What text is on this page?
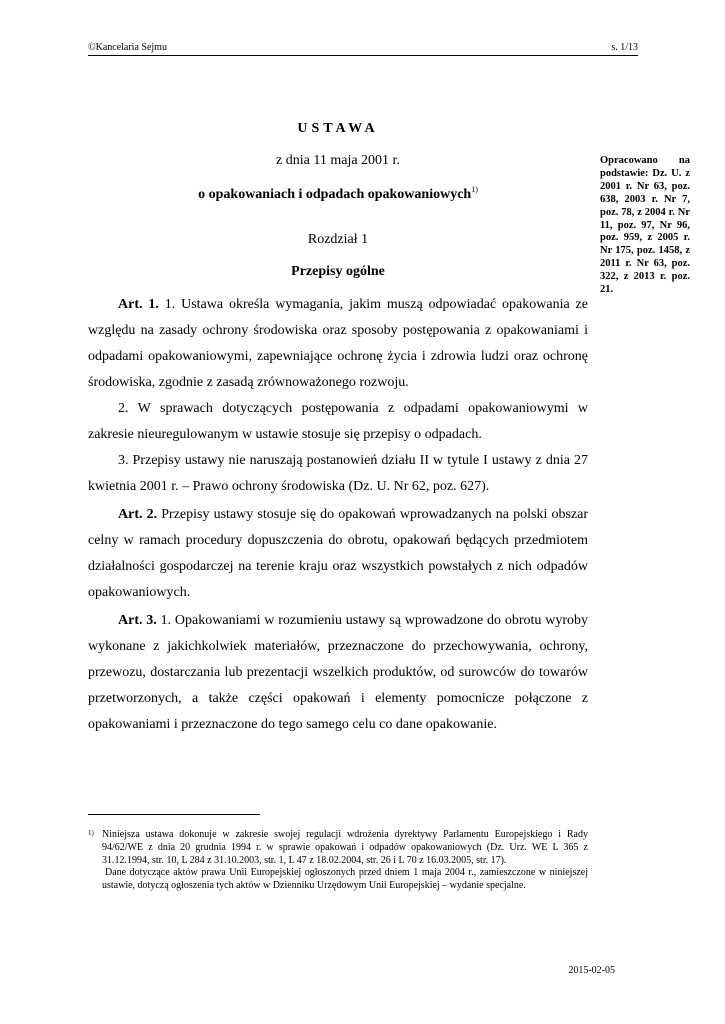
©Kancelaria Sejmu	s. 1/13
USTAWA
z dnia 11 maja 2001 r.
o opakowaniach i odpadach opakowaniowych$^{1)}$
Rozdział 1
Przepisy ogólne
Opracowano na podstawie: Dz. U. z 2001 r. Nr 63, poz. 638, 2003 r. Nr 7, poz. 78, z 2004 r. Nr 11, poz. 97, Nr 96, poz. 959, z 2005 r. Nr 175, poz. 1458, z 2011 r. Nr 63, poz. 322, z 2013 r. poz. 21.

Art. 1. 1. Ustawa określa wymagania, jakim muszą odpowiadać opakowania ze względu na zasady ochrony środowiska oraz sposoby postępowania z opakowaniami i odpadami opakowaniowymi, zapewniające ochronę życia i zdrowia ludzi oraz ochronę środowiska, zgodnie z zasadą zrównoważonego rozwoju.

2. W sprawach dotyczących postępowania z odpadami opakowaniowymi w zakresie nieuregulowanym w ustawie stosuje się przepisy o odpadach.

3. Przepisy ustawy nie naruszają postanowień działu II w tytule I ustawy z dnia 27 kwietnia 2001 r. – Prawo ochrony środowiska (Dz. U. Nr 62, poz. 627).

Art. 2. Przepisy ustawy stosuje się do opakowań wprowadzanych na polski obszar celny w ramach procedury dopuszczenia do obrotu, opakowań będących przedmiotem działalności gospodarczej na terenie kraju oraz wszystkich powstałych z nich odpadów opakowaniowych.

Art. 3. 1. Opakowaniami w rozumieniu ustawy są wprowadzone do obrotu wyroby wykonane z jakichkolwiek materiałów, przeznaczone do przechowywania, ochrony, przewozu, dostarczania lub prezentacji wszelkich produktów, od surowców do towarów przetworzonych, a także części opakowań i elementy pomocnicze połączone z opakowaniami i przeznaczone do tego samego celu co dane opakowanie.

1) Niniejsza ustawa dokonuje w zakresie swojej regulacji wdrożenia dyrektywy Parlamentu Europejskiego i Rady 94/62/WE z dnia 20 grudnia 1994 r. w sprawie opakowań i odpadów opakowaniowych (Dz. Urz. WE L 365 z 31.12.1994, str. 10, L 284 z 31.10.2003, str. 1, L 47 z 18.02.2004, str. 26 i L 70 z 16.03.2005, str. 17).
Dane dotyczące aktów prawa Unii Europejskiej ogłoszonych przed dniem 1 maja 2004 r., zamieszczone w niniejszej ustawie, dotyczą ogłoszenia tych aktów w Dzienniku Urzędowym Unii Europejskiej – wydanie specjalne.
2015-02-05
